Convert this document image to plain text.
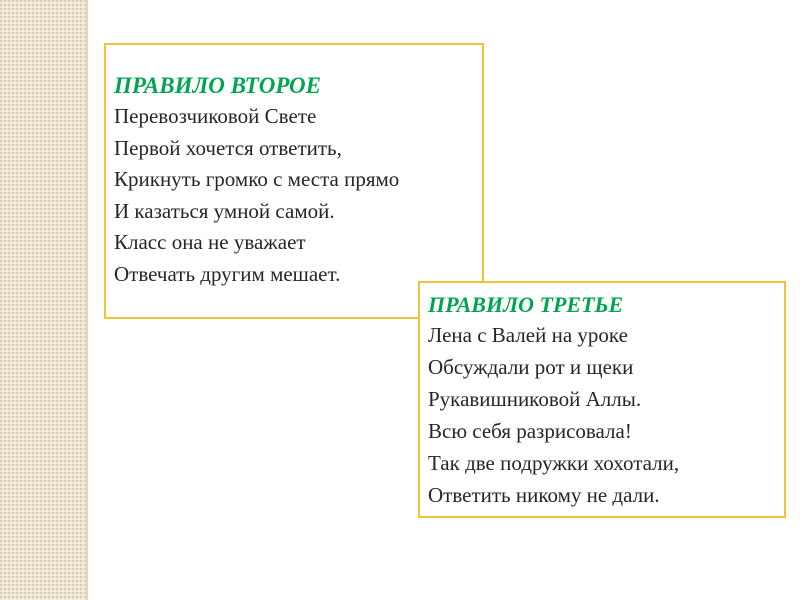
ПРАВИЛО ВТОРОЕ
Перевозчиковой Свете
Первой хочется ответить,
Крикнуть громко с места прямо
И казаться умной самой.
Класс она не уважает
Отвечать другим мешает.
ПРАВИЛО ТРЕТЬЕ
Лена с Валей на уроке
Обсуждали рот и щеки
Рукавишниковой Аллы.
Всю себя разрисовала!
Так две подружки хохотали,
Ответить никому не дали.
